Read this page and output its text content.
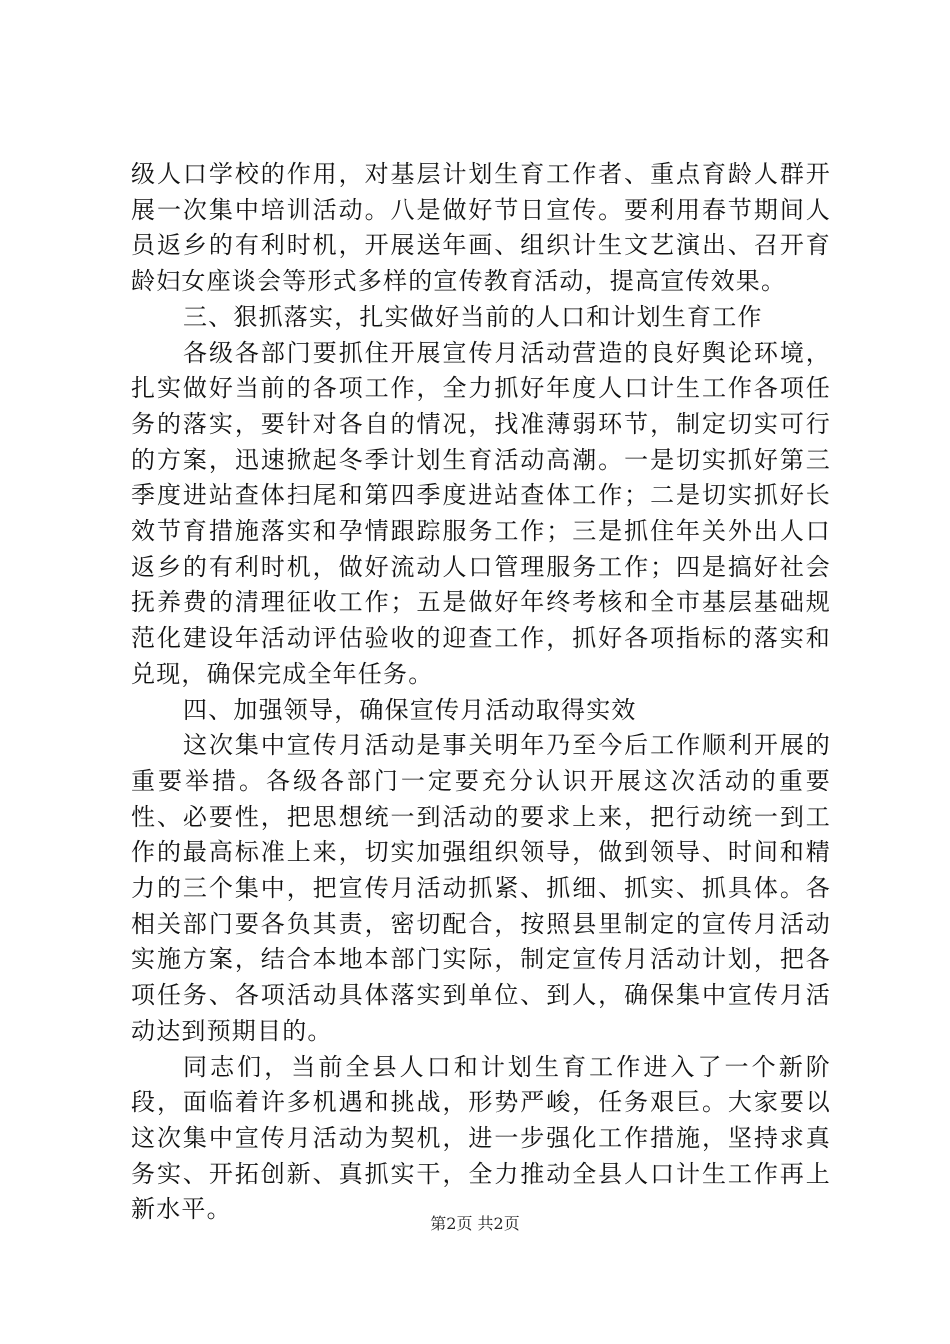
级人口学校的作用，对基层计划生育工作者、重点育龄人群开展一次集中培训活动。八是做好节日宣传。要利用春节期间人员返乡的有利时机，开展送年画、组织计生文艺演出、召开育龄妇女座谈会等形式多样的宣传教育活动，提高宣传效果。

三、狠抓落实，扎实做好当前的人口和计划生育工作

各级各部门要抓住开展宣传月活动营造的良好舆论环境，扎实做好当前的各项工作，全力抓好年度人口计生工作各项任务的落实，要针对各自的情况，找准薄弱环节，制定切实可行的方案，迅速掀起冬季计划生育活动高潮。一是切实抓好第三季度进站查体扫尾和第四季度进站查体工作；二是切实抓好长效节育措施落实和孕情跟踪服务工作；三是抓住年关外出人口返乡的有利时机，做好流动人口管理服务工作；四是搞好社会抚养费的清理征收工作；五是做好年终考核和全市基层基础规范化建设年活动评估验收的迎查工作，抓好各项指标的落实和兑现，确保完成全年任务。

四、加强领导，确保宣传月活动取得实效

这次集中宣传月活动是事关明年乃至今后工作顺利开展的重要举措。各级各部门一定要充分认识开展这次活动的重要性、必要性，把思想统一到活动的要求上来，把行动统一到工作的最高标准上来，切实加强组织领导，做到领导、时间和精力的三个集中，把宣传月活动抓紧、抓细、抓实、抓具体。各相关部门要各负其责，密切配合，按照县里制定的宣传月活动实施方案，结合本地本部门实际，制定宣传月活动计划，把各项任务、各项活动具体落实到单位、到人，确保集中宣传月活动达到预期目的。

同志们，当前全县人口和计划生育工作进入了一个新阶段，面临着许多机遇和挑战，形势严峻，任务艰巨。大家要以这次集中宣传月活动为契机，进一步强化工作措施，坚持求真务实、开拓创新、真抓实干，全力推动全县人口计生工作再上新水平。

第2页 共2页
